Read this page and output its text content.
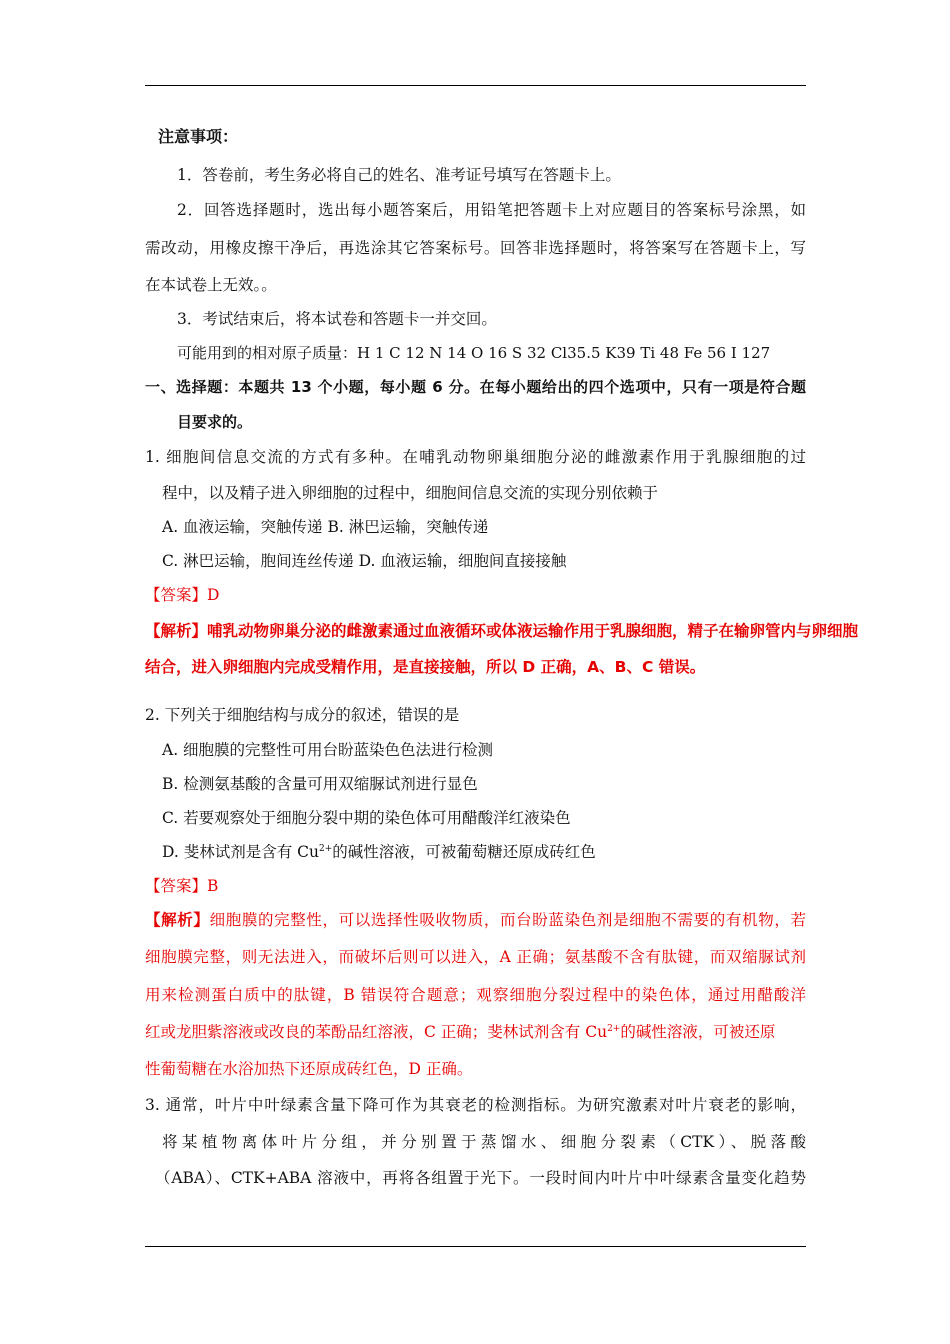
注意事项：
1．答卷前，考生务必将自己的姓名、准考证号填写在答题卡上。
2．回答选择题时，选出每小题答案后，用铅笔把答题卡上对应题目的答案标号涂黑，如
需改动，用橡皮擦干净后，再选涂其它答案标号。回答非选择题时，将答案写在答题卡上，写
在本试卷上无效。。
3．考试结束后，将本试卷和答题卡一并交回。
可能用到的相对原子质量：H 1 C 12 N 14 O 16 S 32 Cl35.5 K39 Ti 48 Fe 56 I 127
一、选择题：本题共 13 个小题，每小题 6 分。在每小题给出的四个选项中，只有一项是符合题
目要求的。
1. 细胞间信息交流的方式有多种。在哺乳动物卵巢细胞分泌的雌激素作用于乳腺细胞的过
程中，以及精子进入卵细胞的过程中，细胞间信息交流的实现分别依赖于
A. 血液运输，突触传递 B. 淋巴运输，突触传递
C. 淋巴运输，胞间连丝传递 D. 血液运输，细胞间直接接触
【答案】D
【解析】哺乳动物卵巢分泌的雌激素通过血液循环或体液运输作用于乳腺细胞，精子在输卵管内与卵细胞
结合，进入卵细胞内完成受精作用，是直接接触，所以 D 正确，A、B、C 错误。
2. 下列关于细胞结构与成分的叙述，错误的是
A. 细胞膜的完整性可用台盼蓝染色色法进行检测
B. 检测氨基酸的含量可用双缩脲试剂进行显色
C. 若要观察处于细胞分裂中期的染色体可用醋酸洋红液染色
D. 斐林试剂是含有 $Cu^{2+}$的碱性溶液，可被葡萄糖还原成砖红色
【答案】B
【解析】细胞膜的完整性，可以选择性吸收物质，而台盼蓝染色剂是细胞不需要的有机物，若
细胞膜完整，则无法进入，而破坏后则可以进入，A 正确；氨基酸不含有肽键，而双缩脲试剂
用来检测蛋白质中的肽键，B 错误符合题意；观察细胞分裂过程中的染色体，通过用醋酸洋
红或龙胆紫溶液或改良的苯酚品红溶液，C 正确；斐林试剂含有 $Cu^{2+}$的碱性溶液，可被还原
性葡萄糖在水浴加热下还原成砖红色，D 正确。
3. 通常，叶片中叶绿素含量下降可作为其衰老的检测指标。为研究激素对叶片衰老的影响，
将某植物离体叶片分组，并分别置于蒸馏水、细胞分裂素（CTK）、脱落酸
（ABA）、CTK+ABA 溶液中，再将各组置于光下。一段时间内叶片中叶绿素含量变化趋势
